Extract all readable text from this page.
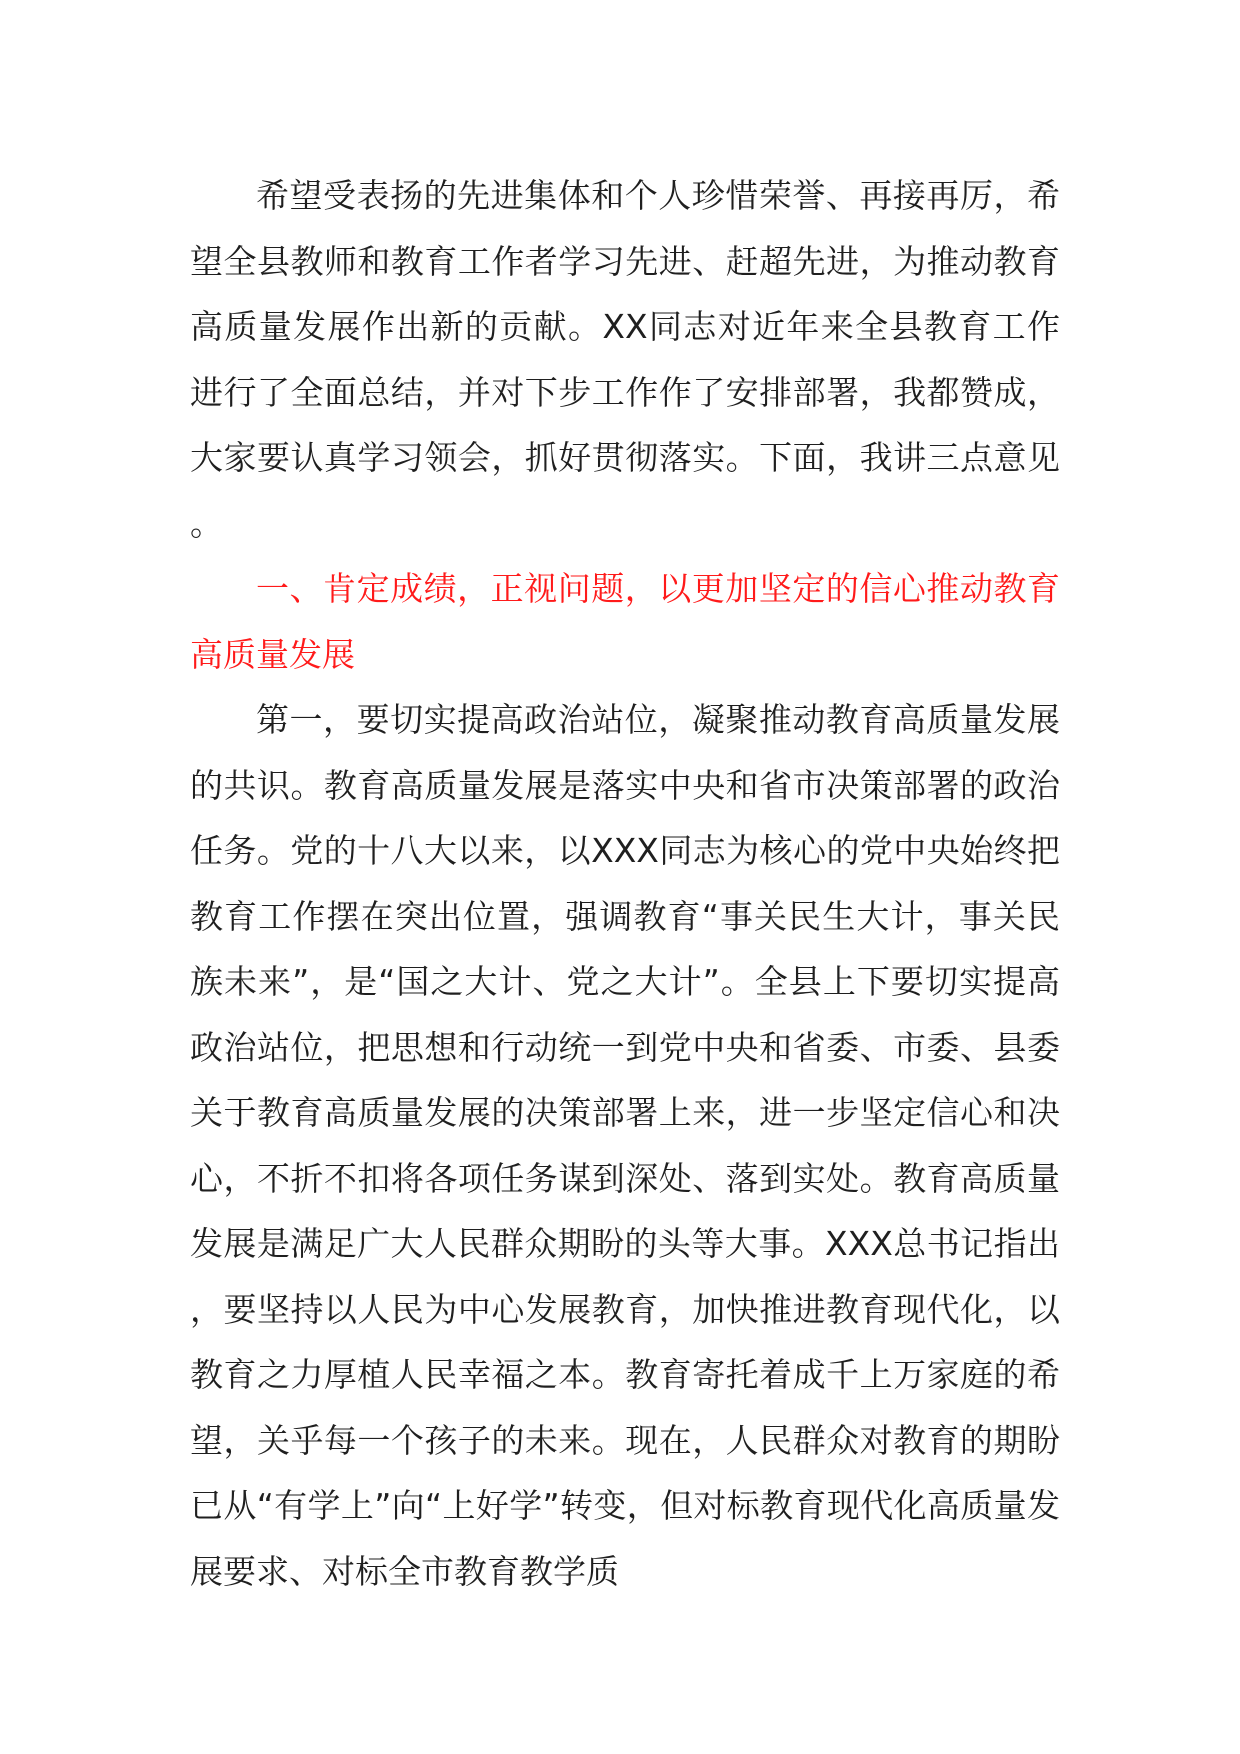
希望受表扬的先进集体和个人珍惜荣誉、再接再厉，希望全县教师和教育工作者学习先进、赶超先进，为推动教育高质量发展作出新的贡献。XX同志对近年来全县教育工作进行了全面总结，并对下步工作作了安排部署，我都赞成，大家要认真学习领会，抓好贯彻落实。下面，我讲三点意见。

一、肯定成绩，正视问题，以更加坚定的信心推动教育高质量发展

第一，要切实提高政治站位，凝聚推动教育高质量发展的共识。教育高质量发展是落实中央和省市决策部署的政治任务。党的十八大以来，以XXX同志为核心的党中央始终把教育工作摆在突出位置，强调教育“事关民生大计，事关民族未来”，是“国之大计、党之大计”。全县上下要切实提高政治站位，把思想和行动统一到党中央和省委、市委、县委关于教育高质量发展的决策部署上来，进一步坚定信心和决心，不折不扣将各项任务谋到深处、落到实处。教育高质量发展是满足广大人民群众期盼的头等大事。XXX总书记指出，要坚持以人民为中心发展教育，加快推进教育现代化，以教育之力厚植人民幸福之本。教育寄托着成千上万家庭的希望，关乎每一个孩子的未来。现在，人民群众对教育的期盼已从“有学上”向“上好学”转变，但对标教育现代化高质量发展要求、对标全市教育教学质
